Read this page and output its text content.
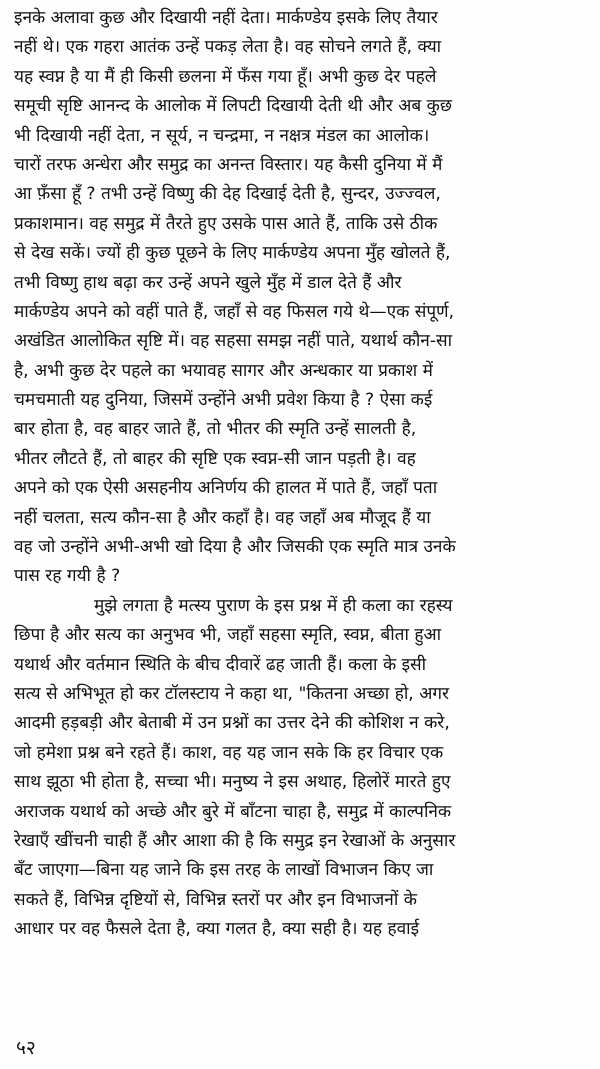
इनके अलावा कुछ और दिखायी नहीं देता। मार्कण्डेय इसके लिए तैयार
नहीं थे। एक गहरा आतंक उन्हें पकड़ लेता है। वह सोचने लगते हैं, क्या
यह स्वप्न है या मैं ही किसी छलना में फँस गया हूँ। अभी कुछ देर पहले
समूची सृष्टि आनन्द के आलोक में लिपटी दिखायी देती थी और अब कुछ
भी दिखायी नहीं देता, न सूर्य, न चन्द्रमा, न नक्षत्र मंडल का आलोक।
चारों तरफ अन्धेरा और समुद्र का अनन्त विस्तार। यह कैसी दुनिया में मैं
आ फ़ँसा हूँ ? तभी उन्हें विष्णु की देह दिखाई देती है, सुन्दर, उज्ज्वल,
प्रकाशमान। वह समुद्र में तैरते हुए उसके पास आते हैं, ताकि उसे ठीक
से देख सकें। ज्यों ही कुछ पूछने के लिए मार्कण्डेय अपना मुँह खोलते हैं,
तभी विष्णु हाथ बढ़ा कर उन्हें अपने खुले मुँह में डाल देते हैं और
मार्कण्डेय अपने को वहीं पाते हैं, जहाँ से वह फिसल गये थे—एक संपूर्ण,
अखंडित आलोकित सृष्टि में। वह सहसा समझ नहीं पाते, यथार्थ कौन-सा
है, अभी कुछ देर पहले का भयावह सागर और अन्धकार या प्रकाश में
चमचमाती यह दुनिया, जिसमें उन्होंने अभी प्रवेश किया है ? ऐसा कई
बार होता है, वह बाहर जाते हैं, तो भीतर की स्मृति उन्हें सालती है,
भीतर लौटते हैं, तो बाहर की सृष्टि एक स्वप्न-सी जान पड़ती है। वह
अपने को एक ऐसी असहनीय अनिर्णय की हालत में पाते हैं, जहाँ पता
नहीं चलता, सत्य कौन-सा है और कहाँ है। वह जहाँ अब मौजूद हैं या
वह जो उन्होंने अभी-अभी खो दिया है और जिसकी एक स्मृति मात्र उनके
पास रह गयी है ?
मुझे लगता है मत्स्य पुराण के इस प्रश्न में ही कला का रहस्य
छिपा है और सत्य का अनुभव भी, जहाँ सहसा स्मृति, स्वप्न, बीता हुआ
यथार्थ और वर्तमान स्थिति के बीच दीवारें ढह जाती हैं। कला के इसी
सत्य से अभिभूत हो कर टॉलस्टाय ने कहा था, "कितना अच्छा हो, अगर
आदमी हड़बड़ी और बेताबी में उन प्रश्नों का उत्तर देने की कोशिश न करे,
जो हमेशा प्रश्न बने रहते हैं। काश, वह यह जान सके कि हर विचार एक
साथ झूठा भी होता है, सच्चा भी। मनुष्य ने इस अथाह, हिलोरें मारते हुए
अराजक यथार्थ को अच्छे और बुरे में बाँटना चाहा है, समुद्र में काल्पनिक
रेखाएँ खींचनी चाही हैं और आशा की है कि समुद्र इन रेखाओं के अनुसार
बँट जाएगा—बिना यह जाने कि इस तरह के लाखों विभाजन किए जा
सकते हैं, विभिन्न दृष्टियों से, विभिन्न स्तरों पर और इन विभाजनों के
आधार पर वह फैसले देता है, क्या गलत है, क्या सही है। यह हवाई
५२
